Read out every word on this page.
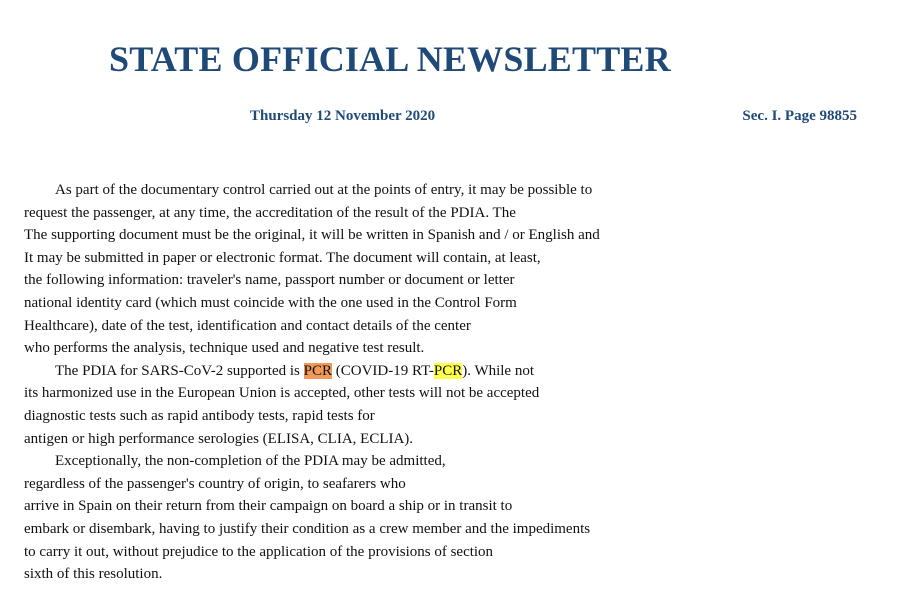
STATE OFFICIAL NEWSLETTER
Thursday 12 November 2020	Sec. I. Page 98855
As part of the documentary control carried out at the points of entry, it may be possible to
request the passenger, at any time, the accreditation of the result of the PDIA. The
The supporting document must be the original, it will be written in Spanish and / or English and
It may be submitted in paper or electronic format. The document will contain, at least,
the following information: traveler's name, passport number or document or letter
national identity card (which must coincide with the one used in the Control Form
Healthcare), date of the test, identification and contact details of the center
who performs the analysis, technique used and negative test result.
The PDIA for SARS-CoV-2 supported is PCR (COVID-19 RT-PCR). While not
its harmonized use in the European Union is accepted, other tests will not be accepted
diagnostic tests such as rapid antibody tests, rapid tests for
antigen or high performance serologies (ELISA, CLIA, ECLIA).
Exceptionally, the non-completion of the PDIA may be admitted,
regardless of the passenger's country of origin, to seafarers who
arrive in Spain on their return from their campaign on board a ship or in transit to
embark or disembark, having to justify their condition as a crew member and the impediments
to carry it out, without prejudice to the application of the provisions of section
sixth of this resolution.
